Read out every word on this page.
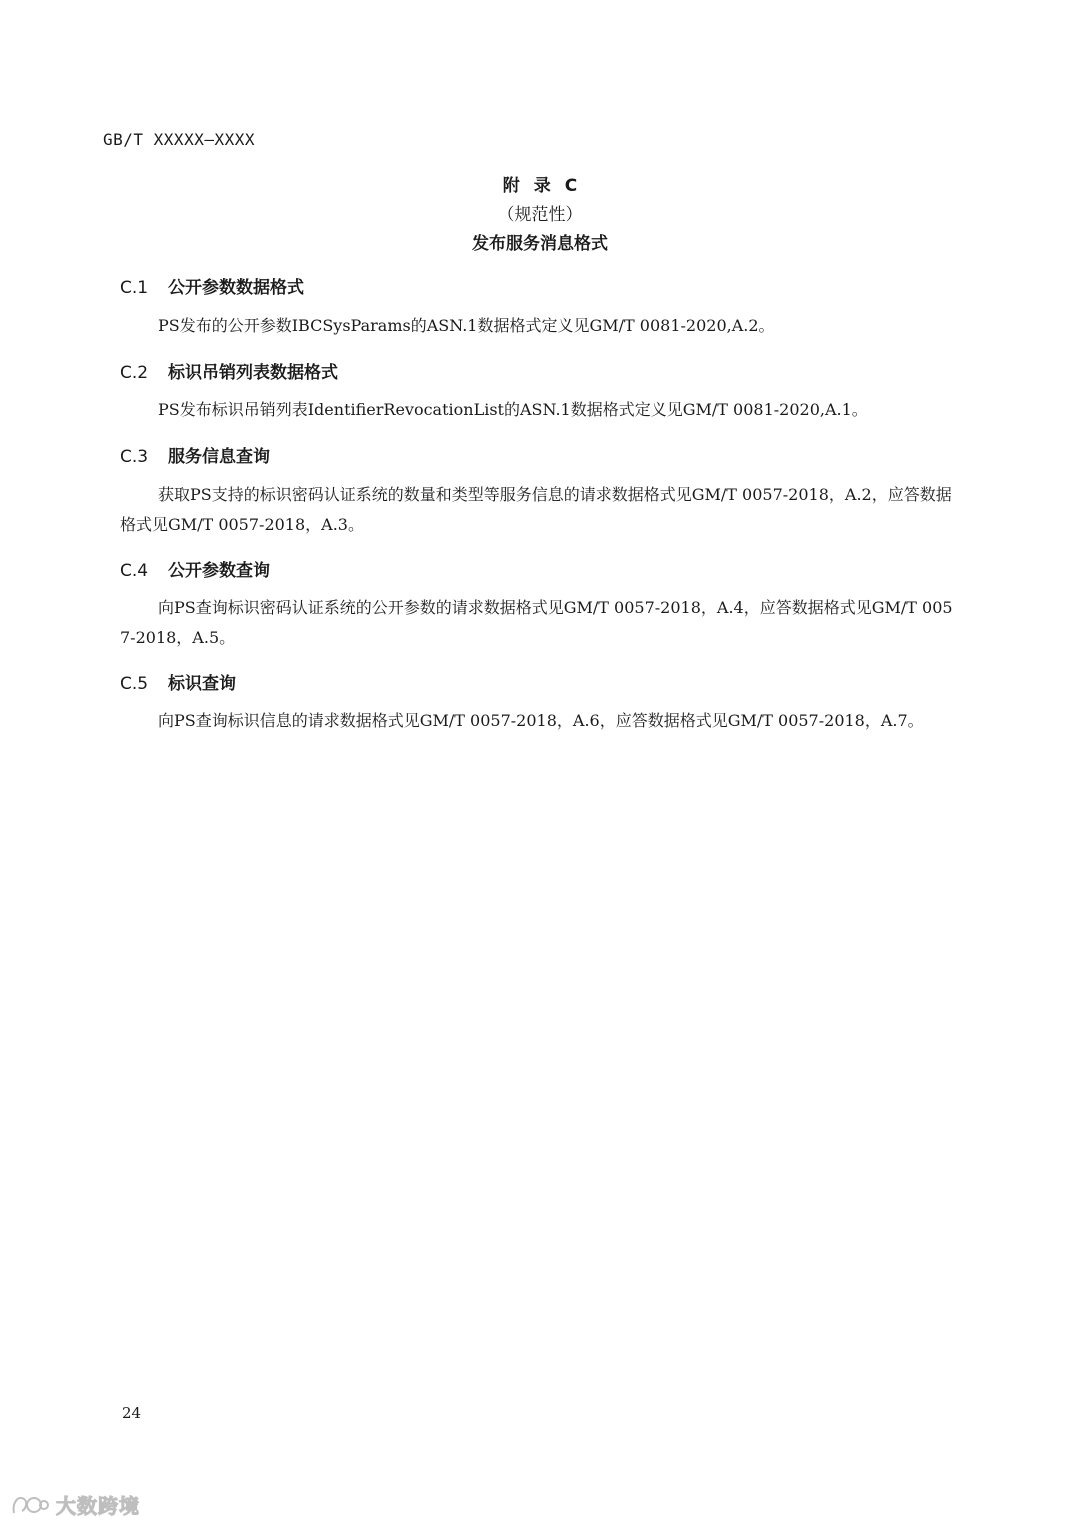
GB/T XXXXX—XXXX
附录C
（规范性）
发布服务消息格式
C.1 公开参数数据格式

PS发布的公开参数IBCSysParams的ASN.1数据格式定义见GM/T 0081-2020,A.2。

C.2 标识吊销列表数据格式

PS发布标识吊销列表IdentifierRevocationList的ASN.1数据格式定义见GM/T 0081-2020,A.1。

C.3 服务信息查询

获取PS支持的标识密码认证系统的数量和类型等服务信息的请求数据格式见GM/T 0057-2018，A.2，应答数据格式见GM/T 0057-2018，A.3。

C.4 公开参数查询

向PS查询标识密码认证系统的公开参数的请求数据格式见GM/T 0057-2018，A.4，应答数据格式见GM/T 0057-2018，A.5。

C.5 标识查询

向PS查询标识信息的请求数据格式见GM/T 0057-2018，A.6，应答数据格式见GM/T 0057-2018，A.7。

24
大数跨境
